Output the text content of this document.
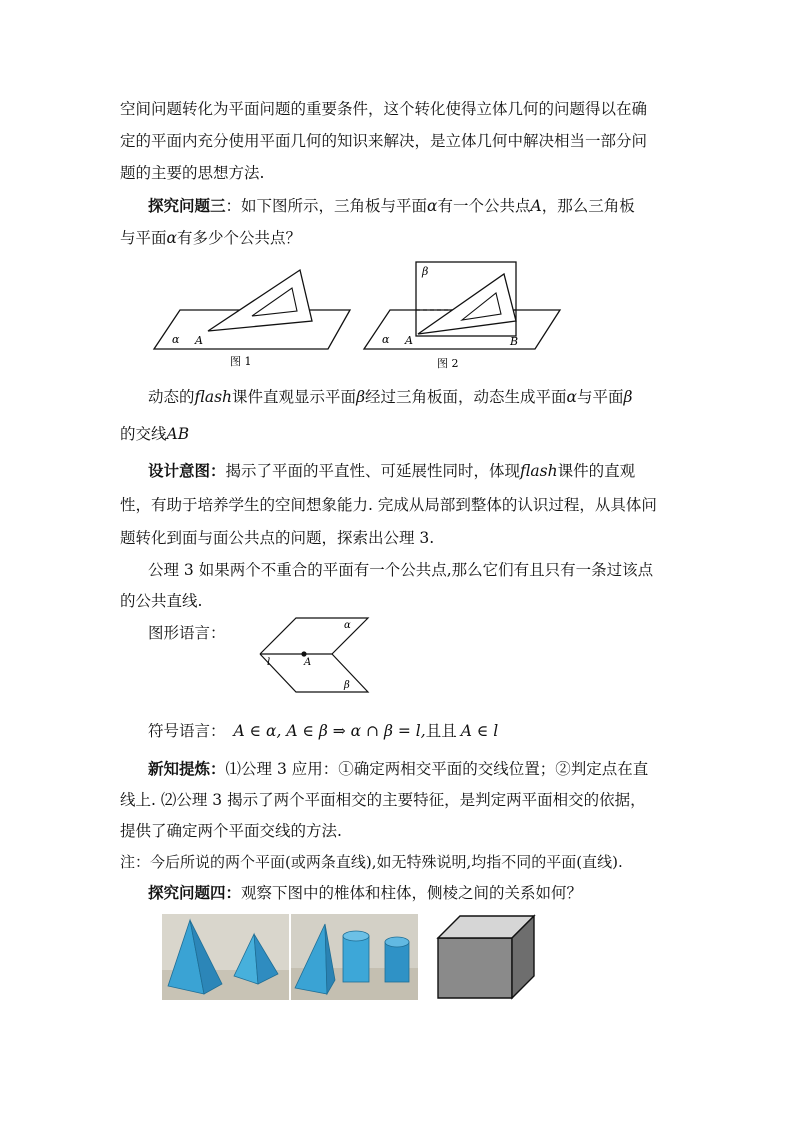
空间问题转化为平面问题的重要条件，这个转化使得立体几何的问题得以在确
定的平面内充分使用平面几何的知识来解决，是立体几何中解决相当一部分问
题的主要的思想方法.
探究问题三：如下图所示，三角板与平面α有一个公共点A，那么三角板
与平面α有多少个公共点？
α A
图 1
β
α A	B
图 2
动态的flash课件直观显示平面β经过三角板面，动态生成平面α与平面β
的交线AB
设计意图：揭示了平面的平直性、可延展性同时，体现flash课件的直观
性，有助于培养学生的空间想象能力. 完成从局部到整体的认识过程，从具体问
题转化到面与面公共点的问题，探索出公理 3.
公理 3 如果两个不重合的平面有一个公共点,那么它们有且只有一条过该点
的公共直线.
图形语言：	α
β
l	A
符号语言： A ∈ α, A ∈ β ⇒ α ∩ β = l,且且 A ∈ l
新知提炼：⑴公理 3 应用：①确定两相交平面的交线位置；②判定点在直
线上. ⑵公理 3 揭示了两个平面相交的主要特征，是判定两平面相交的依据，
提供了确定两个平面交线的方法.
注：今后所说的两个平面(或两条直线),如无特殊说明,均指不同的平面(直线).
探究问题四：观察下图中的椎体和柱体，侧棱之间的关系如何？
